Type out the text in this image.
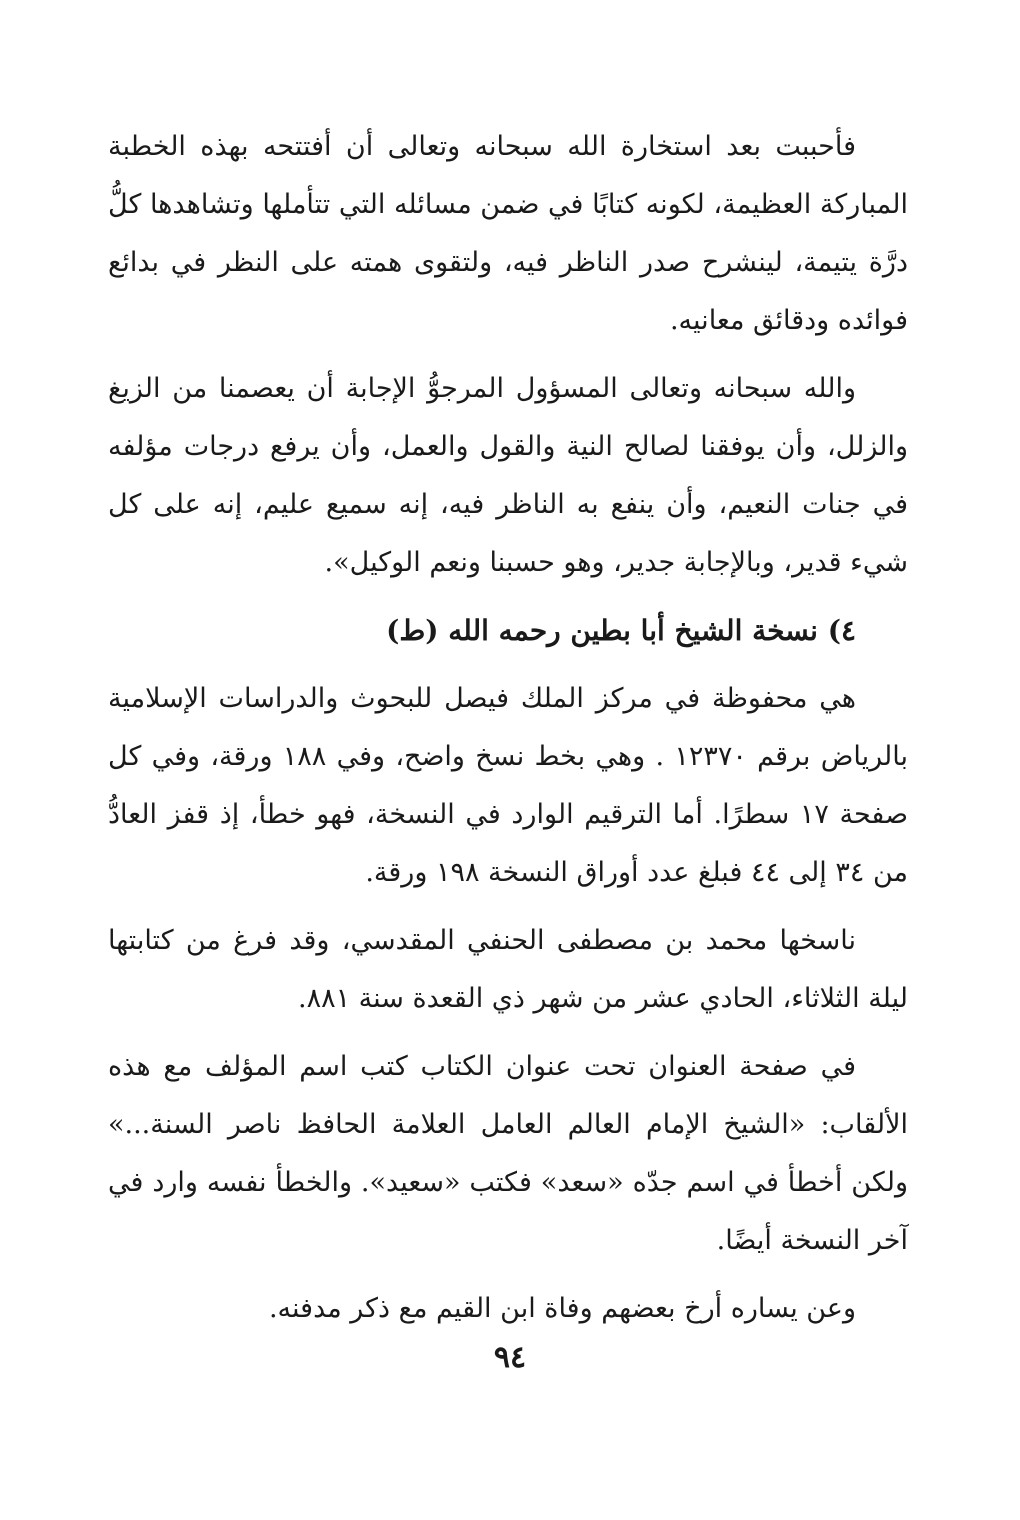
فأحببت بعد استخارة الله سبحانه وتعالى أن أفتتحه بهذه الخطبة المباركة العظيمة، لكونه كتابًا في ضمن مسائله التي تتأملها وتشاهدها كلُّ درَّة يتيمة، لينشرح صدر الناظر فيه، ولتقوى همته على النظر في بدائع فوائده ودقائق معانيه.

والله سبحانه وتعالى المسؤول المرجوُّ الإجابة أن يعصمنا من الزيغ والزلل، وأن يوفقنا لصالح النية والقول والعمل، وأن يرفع درجات مؤلفه في جنات النعيم، وأن ينفع به الناظر فيه، إنه سميع عليم، إنه على كل شيء قدير، وبالإجابة جدير، وهو حسبنا ونعم الوكيل».

٤) نسخة الشيخ أبا بطين رحمه الله (ط)

هي محفوظة في مركز الملك فيصل للبحوث والدراسات الإسلامية بالرياض برقم ١٢٣٧٠ . وهي بخط نسخ واضح، وفي ١٨٨ ورقة، وفي كل صفحة ١٧ سطرًا. أما الترقيم الوارد في النسخة، فهو خطأ، إذ قفز العادُّ من ٣٤ إلى ٤٤ فبلغ عدد أوراق النسخة ١٩٨ ورقة.

ناسخها محمد بن مصطفى الحنفي المقدسي، وقد فرغ من كتابتها ليلة الثلاثاء، الحادي عشر من شهر ذي القعدة سنة ٨٨١.

في صفحة العنوان تحت عنوان الكتاب كتب اسم المؤلف مع هذه الألقاب: «الشيخ الإمام العالم العامل العلامة الحافظ ناصر السنة...» ولكن أخطأ في اسم جدّه «سعد» فكتب «سعيد». والخطأ نفسه وارد في آخر النسخة أيضًا.

وعن يساره أرخ بعضهم وفاة ابن القيم مع ذكر مدفنه.

٩٤
